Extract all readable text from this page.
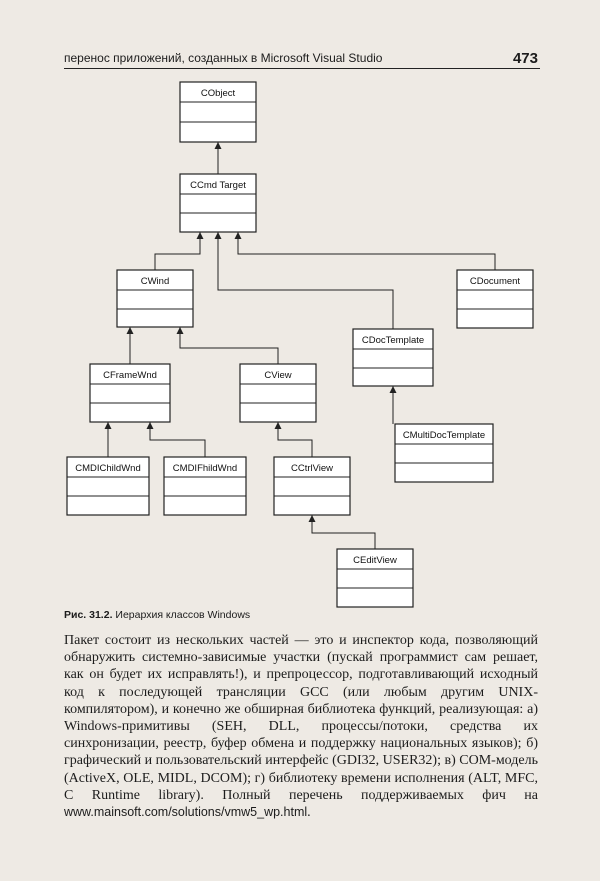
перенос приложений, созданных в Microsoft Visual Studio	473
CObject
CCmd Target
CWind	CDocument
CDocTemplate
CFrameWnd	CView
CMultiDocTemplate
CMDIChildWnd	CMDIFhildWnd	CCtrlView
CEditView
Рис. 31.2. Иерархия классов Windows
Пакет состоит из нескольких частей — это и инспектор кода, позволяющий обнаружить системно-зависимые участки (пускай программист сам решает, как он будет их исправлять!), и препроцессор, подготавливающий исходный код к последующей трансляции GCC (или любым другим UNIX-компилятором), и конечно же обширная библиотека функций, реализующая: а) Windows-примитивы (SEH, DLL, процессы/потоки, средства их синхронизации, реестр, буфер обмена и поддержку национальных языков); б) графический и пользовательский интерфейс (GDI32, USER32); в) COM-модель (ActiveX, OLE, MIDL, DCOM); г) библиотеку времени исполнения (ALT, MFC, C Runtime library). Полный перечень поддерживаемых фич на www.mainsoft.com/solutions/vmw5_wp.html.
